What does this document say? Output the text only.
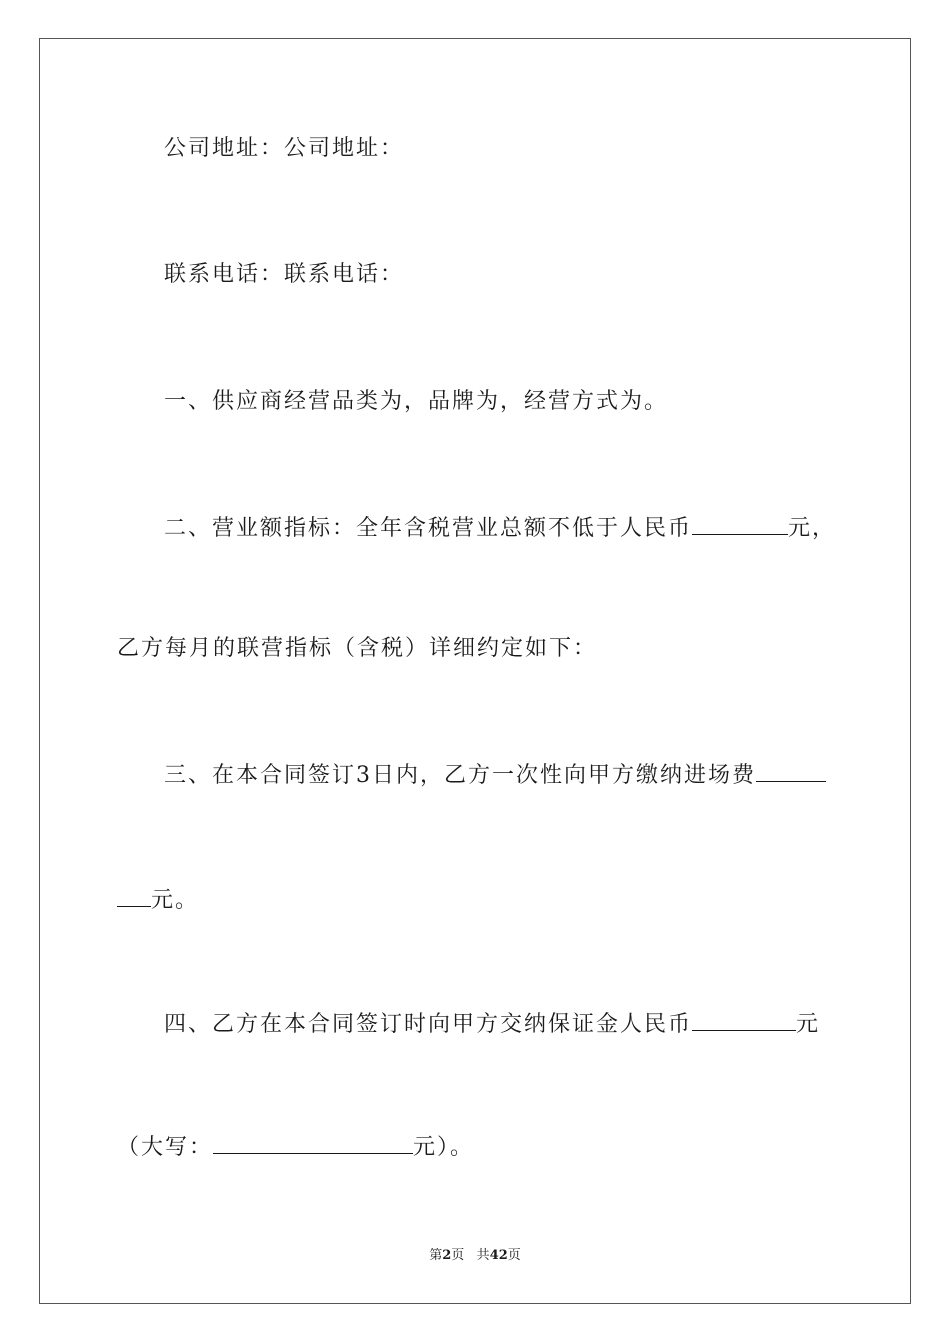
公司地址：公司地址：
联系电话：联系电话：
一、供应商经营品类为，品牌为，经营方式为。
二、营业额指标：全年含税营业总额不低于人民币	元，
乙方每月的联营指标（含税）详细约定如下：
三、在本合同签订3日内，乙方一次性向甲方缴纳进场费
元。
四、乙方在本合同签订时向甲方交纳保证金人民币	元
（大写：	元）。
第2页 共42页
